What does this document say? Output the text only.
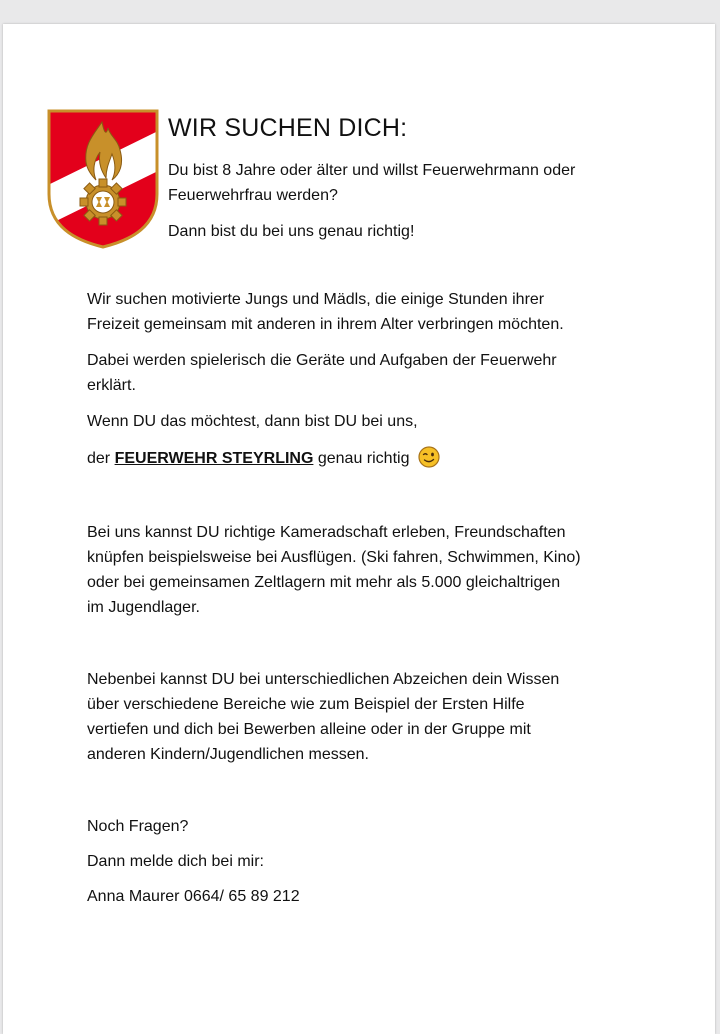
WIR SUCHEN DICH:

Du bist 8 Jahre oder älter und willst Feuerwehrmann oder

Feuerwehrfrau werden?

Dann bist du bei uns genau richtig!

Wir suchen motivierte Jungs und Mädls, die einige Stunden ihrer

Freizeit gemeinsam mit anderen in ihrem Alter verbringen möchten.

Dabei werden spielerisch die Geräte und Aufgaben der Feuerwehr

erklärt.

Wenn DU das möchtest, dann bist DU bei uns,

der FEUERWEHR STEYRLING genau richtig

Bei uns kannst DU richtige Kameradschaft erleben, Freundschaften

knüpfen beispielsweise bei Ausflügen. (Ski fahren, Schwimmen, Kino)

oder bei gemeinsamen Zeltlagern mit mehr als 5.000 gleichaltrigen

im Jugendlager.

Nebenbei kannst DU bei unterschiedlichen Abzeichen dein Wissen

über verschiedene Bereiche wie zum Beispiel der Ersten Hilfe

vertiefen und dich bei Bewerben alleine oder in der Gruppe mit

anderen Kindern/Jugendlichen messen.

Noch Fragen?

Dann melde dich bei mir:

Anna Maurer 0664/ 65 89 212
